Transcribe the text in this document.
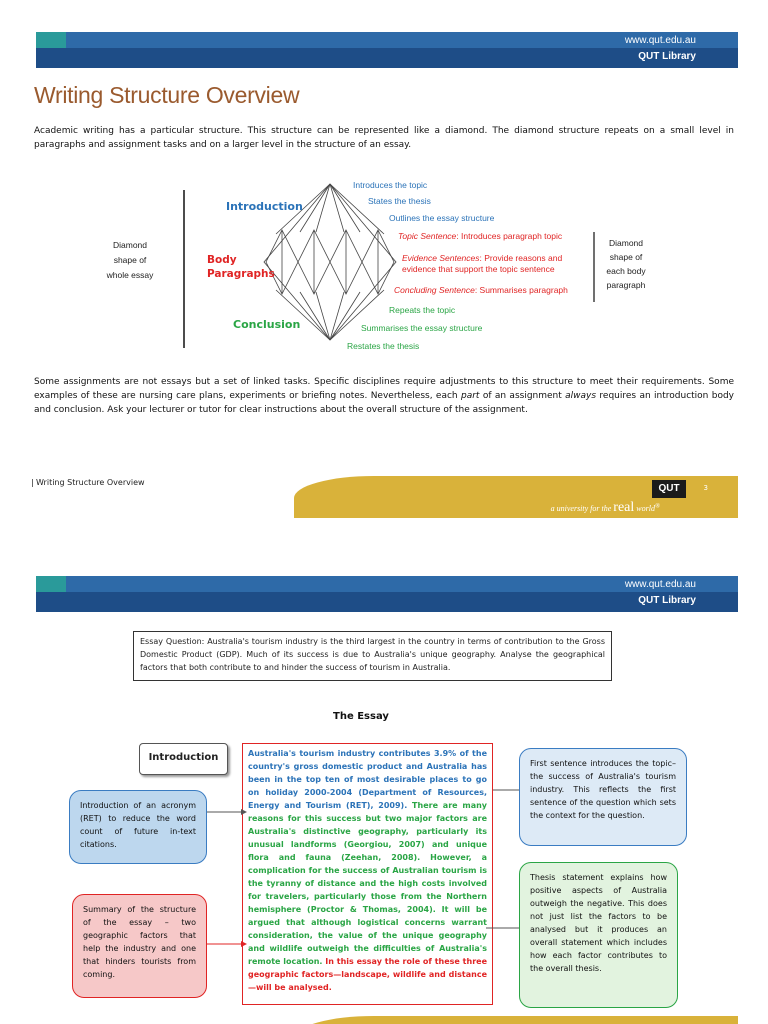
www.qut.edu.au
QUT Library
Writing Structure Overview
Academic writing has a particular structure. This structure can be represented like a diamond. The diamond structure repeats on a small level in paragraphs and assignment tasks and on a larger level in the structure of an essay.
Diamond shape of whole essay
Diamond shape of each body paragraph
Introduction
Body Paragraphs
Conclusion
Introduces the topic
States the thesis
Outlines the essay structure
Topic Sentence: Introduces paragraph topic
Evidence Sentences: Provide reasons and
evidence that support the topic sentence
Concluding Sentence: Summarises paragraph
Repeats the topic
Summarises the essay structure
Restates the thesis
Some assignments are not essays but a set of linked tasks. Specific disciplines require adjustments to this structure to meet their requirements. Some examples of these are nursing care plans, experiments or briefing notes. Nevertheless, each part of an assignment always requires an introduction body and conclusion. Ask your lecturer or tutor for clear instructions about the overall structure of the assignment.
Writing Structure Overview
QUT	3
a university for the real world®
www.qut.edu.au
QUT Library
Essay Question: Australia's tourism industry is the third largest in the country in terms of contribution to the Gross Domestic Product (GDP). Much of its success is due to Australia's unique geography. Analyse the geographical factors that both contribute to and hinder the success of tourism in Australia.
The Essay
Introduction	Australia's tourism industry contributes 3.9% of the country's gross domestic product and Australia has been in the top ten of most desirable places to go on holiday 2000-2004 (Department of Resources, Energy and Tourism (RET), 2009). There are many reasons for this success but two major factors are Australia's distinctive geography, particularly its unusual landforms (Georgiou, 2007) and unique flora and fauna (Zeehan, 2008). However, a complication for the success of Australian tourism is the tyranny of distance and the high costs involved for travelers, particularly those from the Northern hemisphere (Proctor & Thomas, 2004). It will be argued that although logistical concerns warrant consideration, the value of the unique geography and wildlife outweigh the difficulties of Australia's remote location. In this essay the role of these three geographic factors—landscape, wildlife and distance—will be analysed.
Introduction of an acronym (RET) to reduce the word count of future in-text citations.
Summary of the structure of the essay – two geographic factors that help the industry and one that hinders tourists from coming.
First sentence introduces the topic– the success of Australia's tourism industry. This reflects the first sentence of the question which sets the context for the question.
Thesis statement explains how positive aspects of Australia outweigh the negative. This does not just list the factors to be analysed but it produces an overall statement which includes how each factor contributes to the overall thesis.
